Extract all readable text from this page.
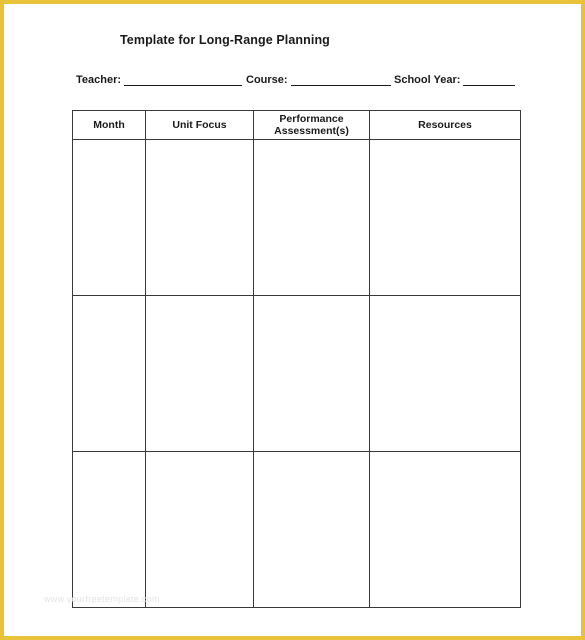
Template for Long-Range Planning
Teacher:	Course:	School Year:
Month	Unit Focus	Performance Assessment(s)	Resources

www.yourfreetemplate.com
